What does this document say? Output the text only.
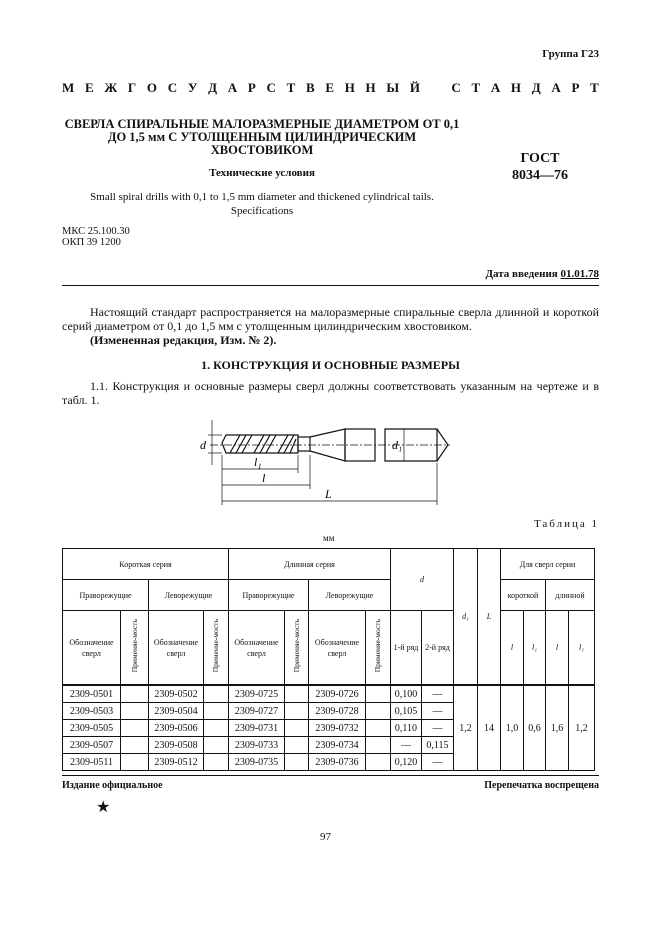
Группа Г23
М Е Ж Г О С У Д А Р С Т В Е Н Н Ы Й С Т А Н Д А Р Т
СВЕРЛА СПИРАЛЬНЫЕ МАЛОРАЗМЕРНЫЕ ДИАМЕТРОМ ОТ 0,1 ДО 1,5 мм С УТОЛЩЕННЫМ ЦИЛИНДРИЧЕСКИМ ХВОСТОВИКОМ
Технические условия
Small spiral drills with 0,1 to 1,5 mm diameter and thickened cylindrical tails. Specifications
ГОСТ
8034—76
МКС 25.100.30
ОКП 39 1200
Дата введения 01.01.78
Настоящий стандарт распространяется на малоразмерные спиральные сверла длинной и короткой серий диаметром от 0,1 до 1,5 мм с утолщенным цилиндрическим хвостовиком.
(Измененная редакция, Изм. № 2).
1. КОНСТРУКЦИЯ И ОСНОВНЫЕ РАЗМЕРЫ
1.1. Конструкция и основные размеры сверл должны соответствовать указанным на чертеже и в табл. 1.
d	d₁
l₁
l
L
Таблица 1
мм
Короткая серия				Длинная серия				d		d₁	L	Для сверл серии			
Праворежущие		Леворежущие		Праворежущие		Леворежущие						короткой		длинной	
Обозначение сверл	Применяе-мость	Обозначение сверл	Применяе-мость	Обозначение сверл	Применяе-мость	Обозначение сверл	Применяе-мость	1-й ряд	2-й ряд			l	l₁	l	l₁
2309-0501		2309-0502		2309-0725		2309-0726		0,100	—	1,2	14	1,0	0,6	1,6	1,2
2309-0503		2309-0504		2309-0727		2309-0728		0,105	—						
2309-0505		2309-0506		2309-0731		2309-0732		0,110	—						
2309-0507		2309-0508		2309-0733		2309-0734		—	0,115						
2309-0511		2309-0512		2309-0735		2309-0736		0,120	—						
Издание официальное	Перепечатка воспрещена
★
97
